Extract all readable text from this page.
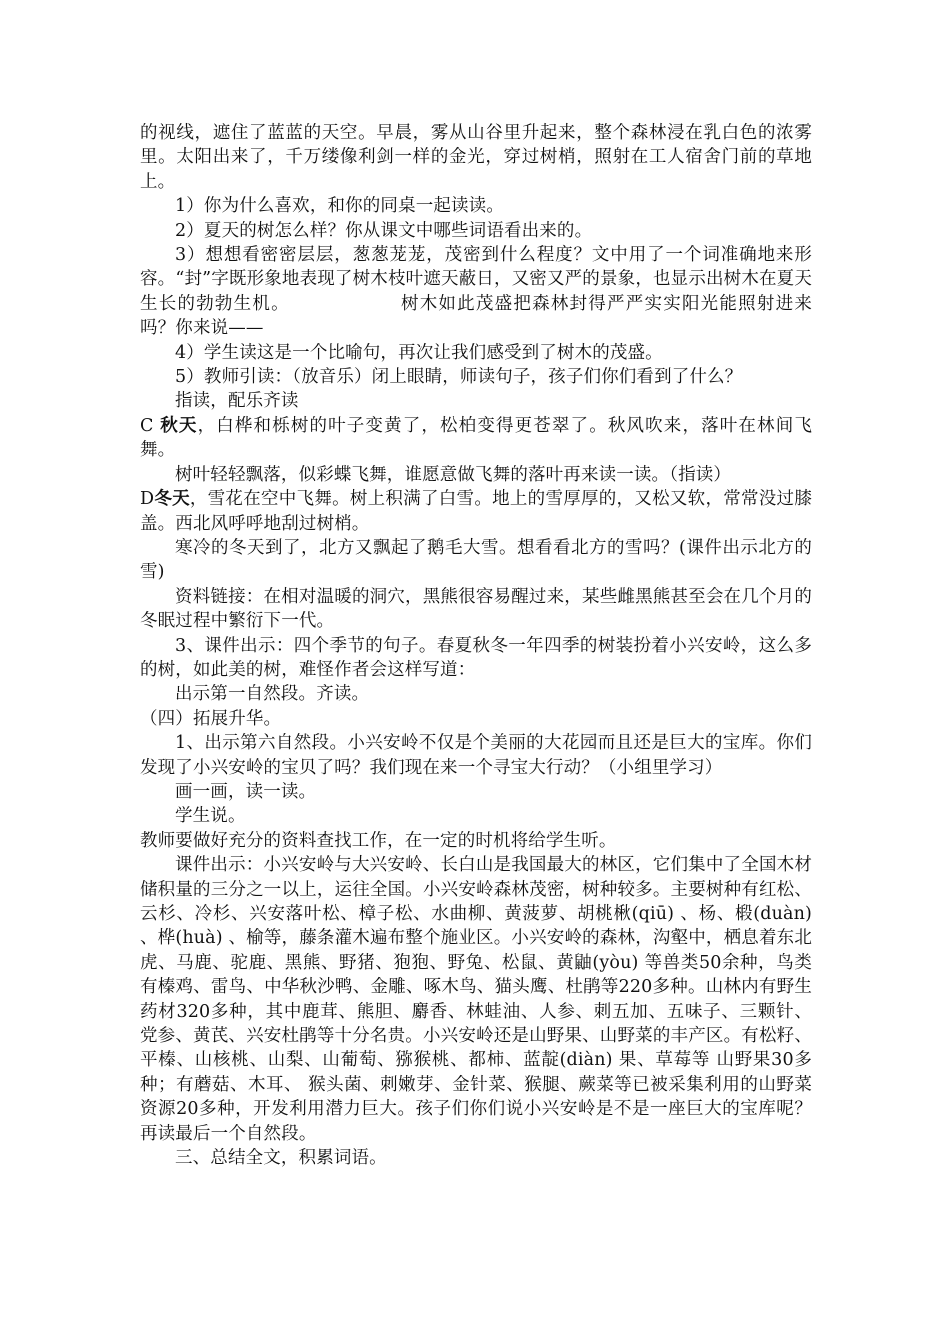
的视线，遮住了蓝蓝的天空。早晨，雾从山谷里升起来，整个森林浸在乳白色的浓雾里。太阳出来了，千万缕像利剑一样的金光，穿过树梢，照射在工人宿舍门前的草地上。

1）你为什么喜欢，和你的同桌一起读读。

2）夏天的树怎么样？你从课文中哪些词语看出来的。

3）想想看密密层层，葱葱茏茏，茂密到什么程度？文中用了一个词准确地来形容。“封”字既形象地表现了树木枝叶遮天蔽日，又密又严的景象，也显示出树木在夏天生长的勃勃生机。	树木如此茂盛把森林封得严严实实阳光能照射进来吗？你来说——

4）学生读这是一个比喻句，再次让我们感受到了树木的茂盛。

5）教师引读：（放音乐）闭上眼睛，师读句子，孩子们你们看到了什么？

指读，配乐齐读

C 秋天，白桦和栎树的叶子变黄了，松柏变得更苍翠了。秋风吹来，落叶在林间飞舞。

树叶轻轻飘落，似彩蝶飞舞，谁愿意做飞舞的落叶再来读一读。（指读）

D冬天，雪花在空中飞舞。树上积满了白雪。地上的雪厚厚的，又松又软，常常没过膝盖。西北风呼呼地刮过树梢。

寒冷的冬天到了，北方又飘起了鹅毛大雪。想看看北方的雪吗？(课件出示北方的雪)

资料链接：在相对温暖的洞穴，黑熊很容易醒过来，某些雌黑熊甚至会在几个月的冬眠过程中繁衍下一代。

3、课件出示：四个季节的句子。春夏秋冬一年四季的树装扮着小兴安岭，这么多的树，如此美的树，难怪作者会这样写道：

出示第一自然段。齐读。

（四）拓展升华。

1、出示第六自然段。小兴安岭不仅是个美丽的大花园而且还是巨大的宝库。你们发现了小兴安岭的宝贝了吗？我们现在来一个寻宝大行动？（小组里学习）

画一画，读一读。

学生说。

教师要做好充分的资料查找工作，在一定的时机将给学生听。

课件出示：小兴安岭与大兴安岭、长白山是我国最大的林区，它们集中了全国木材储积量的三分之一以上，运往全国。小兴安岭森林茂密，树种较多。主要树种有红松、云杉、冷杉、兴安落叶松、樟子松、水曲柳、黄菠萝、胡桃楸(qiū) 、杨、椴(duàn) 、桦(huà) 、榆等，藤条灌木遍布整个施业区。小兴安岭的森林，沟壑中，栖息着东北虎、马鹿、驼鹿、黑熊、野猪、狍狍、野兔、松鼠、黄鼬(yòu) 等兽类50余种，鸟类有榛鸡、雷鸟、中华秋沙鸭、金雕、啄木鸟、猫头鹰、杜鹃等220多种。山林内有野生药材320多种，其中鹿茸、熊胆、麝香、林蛙油、人参、刺五加、五味子、三颗针、 党参、黄芪、兴安杜鹃等十分名贵。小兴安岭还是山野果、山野菜的丰产区。有松籽、平榛、山核桃、山梨、山葡萄、猕猴桃、都柿、蓝靛(diàn) 果、草莓等 山野果30多种；有蘑菇、木耳、 猴头菌、刺嫩芽、金针菜、猴腿、蕨菜等已被采集利用的山野菜资源20多种，开发利用潜力巨大。孩子们你们说小兴安岭是不是一座巨大的宝库呢？再读最后一个自然段。

三、总结全文，积累词语。
